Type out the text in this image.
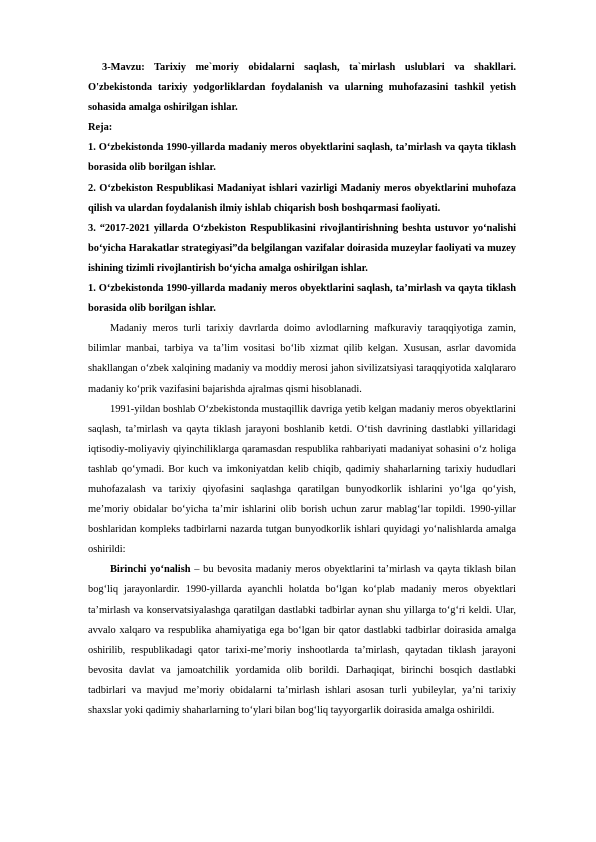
3-Mavzu: Tarixiy me`moriy obidalarni saqlash, ta`mirlash uslublari va shakllari. O'zbekistonda tarixiy yodgorliklardan foydalanish va ularning muhofazasini tashkil yetish sohasida amalga oshirilgan ishlar.

Reja:

1. O‘zbekistonda 1990-yillarda madaniy meros obyektlarini saqlash, ta’mirlash va qayta tiklash borasida olib borilgan ishlar.

2. O‘zbekiston Respublikasi Madaniyat ishlari vazirligi Madaniy meros obyektlarini muhofaza qilish va ulardan foydalanish ilmiy ishlab chiqarish bosh boshqarmasi faoliyati.

3. “2017-2021 yillarda O‘zbekiston Respublikasini rivojlantirishning beshta ustuvor yo‘nalishi bo‘yicha Harakatlar strategiyasi”da belgilangan vazifalar doirasida muzeylar faoliyati va muzey ishining tizimli rivojlantirish bo‘yicha amalga oshirilgan ishlar.

1. O‘zbekistonda 1990-yillarda madaniy meros obyektlarini saqlash, ta’mirlash va qayta tiklash borasida olib borilgan ishlar.

Madaniy meros turli tarixiy davrlarda doimo avlodlarning mafkuraviy taraqqiyotiga zamin, bilimlar manbai, tarbiya va ta’lim vositasi bo‘lib xizmat qilib kelgan. Xususan, asrlar davomida shakllangan o‘zbek xalqining madaniy va moddiy merosi jahon sivilizatsiyasi taraqqiyotida xalqlararo madaniy ko‘prik vazifasini bajarishda ajralmas qismi hisoblanadi.

1991-yildan boshlab O‘zbekistonda mustaqillik davriga yetib kelgan madaniy meros obyektlarini saqlash, ta’mirlash va qayta tiklash jarayoni boshlanib ketdi. O‘tish davrining dastlabki yillaridagi iqtisodiy-moliyaviy qiyinchiliklarga qaramasdan respublika rahbariyati madaniyat sohasini o‘z holiga tashlab qo‘ymadi. Bor kuch va imkoniyatdan kelib chiqib, qadimiy shaharlarning tarixiy hududlari muhofazalash va tarixiy qiyofasini saqlashga qaratilgan bunyodkorlik ishlarini yo‘lga qo‘yish, me’moriy obidalar bo‘yicha ta’mir ishlarini olib borish uchun zarur mablag‘lar topildi. 1990-yillar boshlaridan kompleks tadbirlarni nazarda tutgan bunyodkorlik ishlari quyidagi yo‘nalishlarda amalga oshirildi:

Birinchi yo‘nalish – bu bevosita madaniy meros obyektlarini ta’mirlash va qayta tiklash bilan bog‘liq jarayonlardir. 1990-yillarda ayanchli holatda bo‘lgan ko‘plab madaniy meros obyektlari ta’mirlash va konservatsiyalashga qaratilgan dastlabki tadbirlar aynan shu yillarga to‘g‘ri keldi. Ular, avvalo xalqaro va respublika ahamiyatiga ega bo‘lgan bir qator dastlabki tadbirlar doirasida amalga oshirilib, respublikadagi qator tarixi-me’moriy inshootlarda ta’mirlash, qaytadan tiklash jarayoni bevosita davlat va jamoatchilik yordamida olib borildi. Darhaqiqat, birinchi bosqich dastlabki tadbirlari va mavjud me’moriy obidalarni ta’mirlash ishlari asosan turli yubileylar, ya’ni tarixiy shaxslar yoki qadimiy shaharlarning to‘ylari bilan bog‘liq tayyorgarlik doirasida amalga oshirildi.
